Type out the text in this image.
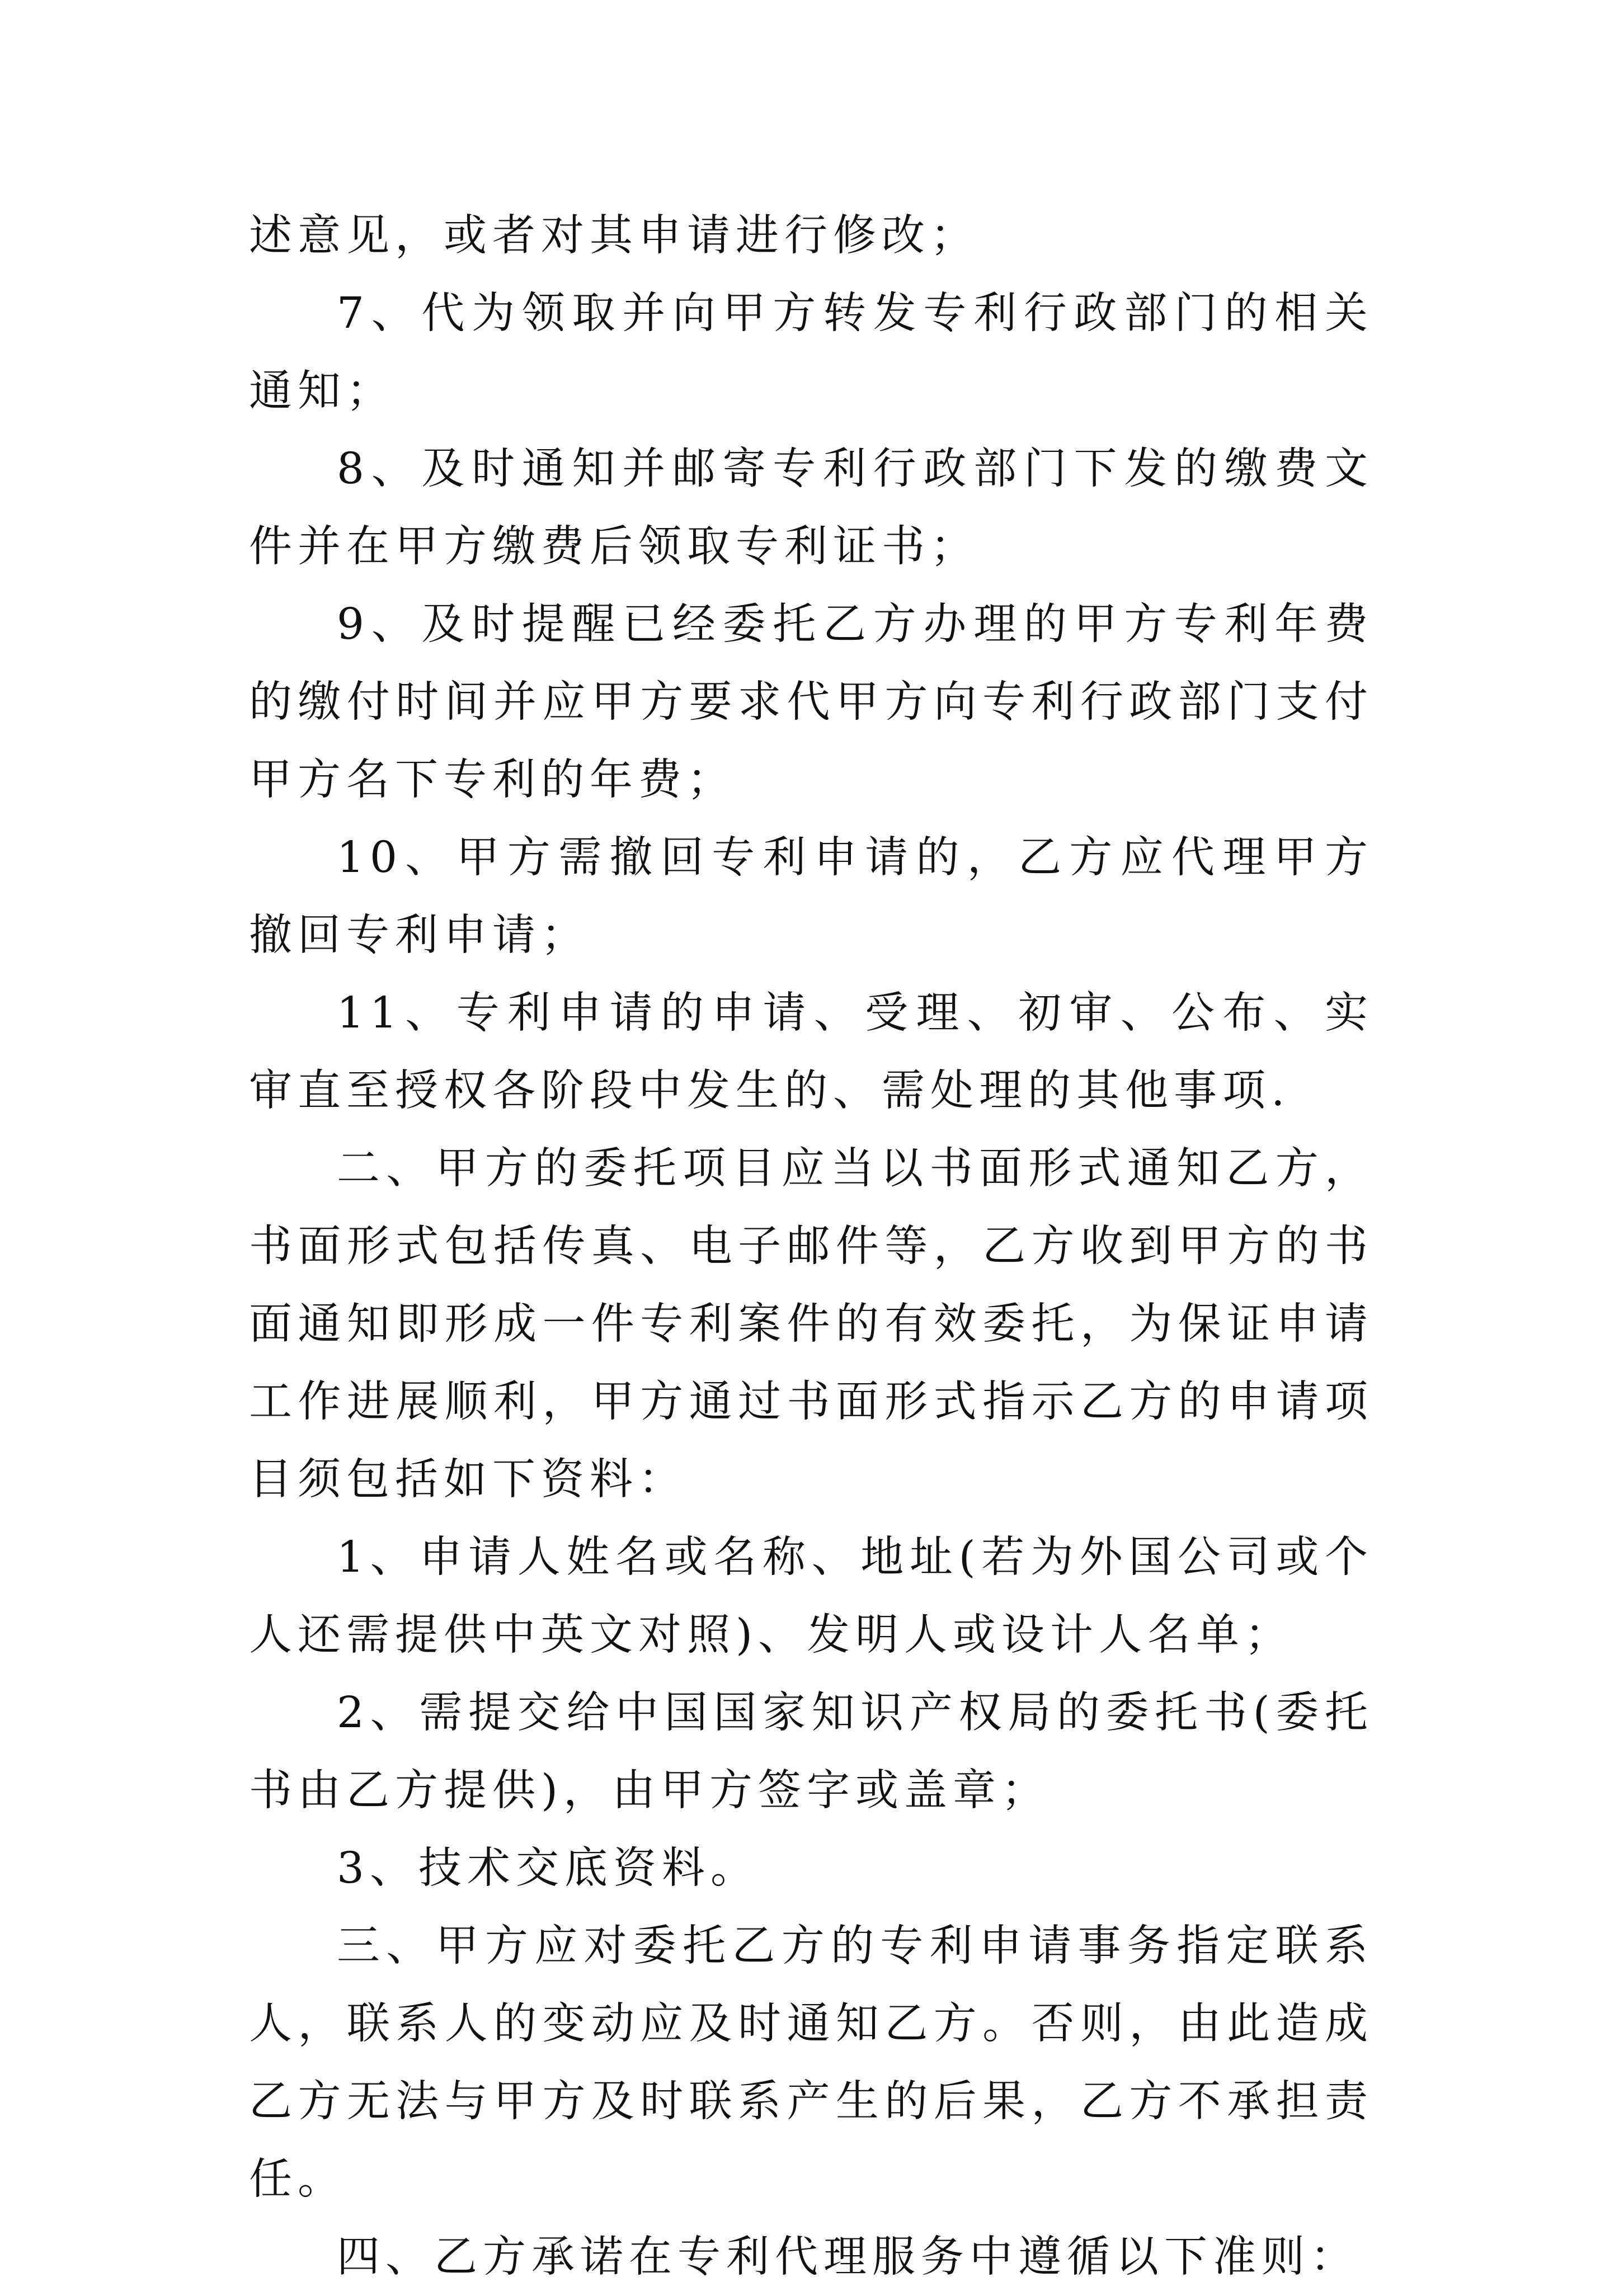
述意见，或者对其申请进行修改；

7、代为领取并向甲方转发专利行政部门的相关通知；

8、及时通知并邮寄专利行政部门下发的缴费文件并在甲方缴费后领取专利证书；

9、及时提醒已经委托乙方办理的甲方专利年费的缴付时间并应甲方要求代甲方向专利行政部门支付甲方名下专利的年费；

10、甲方需撤回专利申请的，乙方应代理甲方撤回专利申请；

11、专利申请的申请、受理、初审、公布、实审直至授权各阶段中发生的、需处理的其他事项.

二、甲方的委托项目应当以书面形式通知乙方，书面形式包括传真、电子邮件等，乙方收到甲方的书面通知即形成一件专利案件的有效委托，为保证申请工作进展顺利，甲方通过书面形式指示乙方的申请项目须包括如下资料：

1、申请人姓名或名称、地址(若为外国公司或个人还需提供中英文对照)、发明人或设计人名单；

2、需提交给中国国家知识产权局的委托书(委托书由乙方提供)，由甲方签字或盖章；

3、技术交底资料。

三、甲方应对委托乙方的专利申请事务指定联系人，联系人的变动应及时通知乙方。否则，由此造成乙方无法与甲方及时联系产生的后果，乙方不承担责任。

四、乙方承诺在专利代理服务中遵循以下准则：
